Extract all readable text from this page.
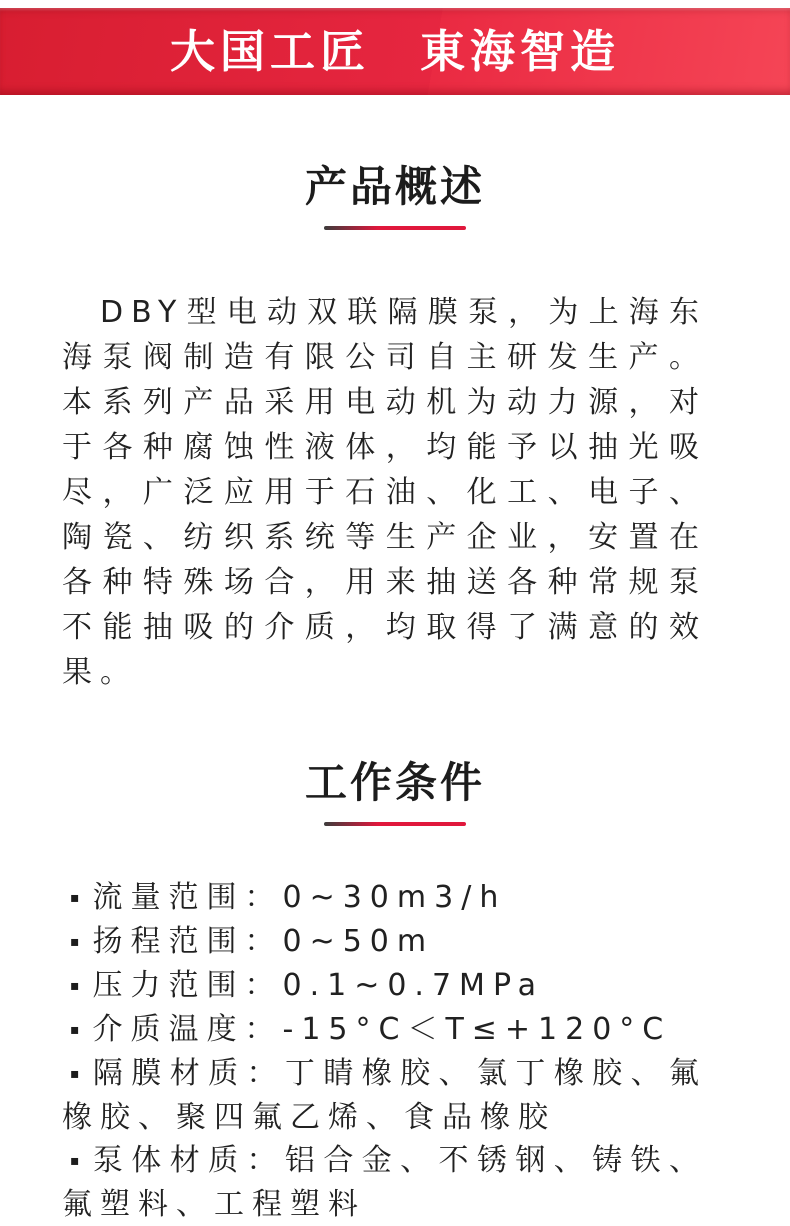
大国工匠　東海智造
产品概述

DBY型电动双联隔膜泵，为上海东海泵阀制造有限公司自主研发生产。本系列产品采用电动机为动力源，对于各种腐蚀性液体，均能予以抽光吸尽，广泛应用于石油、化工、电子、陶瓷、纺织系统等生产企业，安置在各种特殊场合，用来抽送各种常规泵不能抽吸的介质，均取得了满意的效果。

工作条件

▪ 流量范围：0~30m3/h

▪ 扬程范围：0~50m

▪ 压力范围：0.1~0.7MPa

▪ 介质温度：-15°C＜T≤+120°C

▪ 隔膜材质：丁睛橡胶、氯丁橡胶、氟橡胶、聚四氟乙烯、食品橡胶

▪ 泵体材质：铝合金、不锈钢、铸铁、氟塑料、工程塑料
